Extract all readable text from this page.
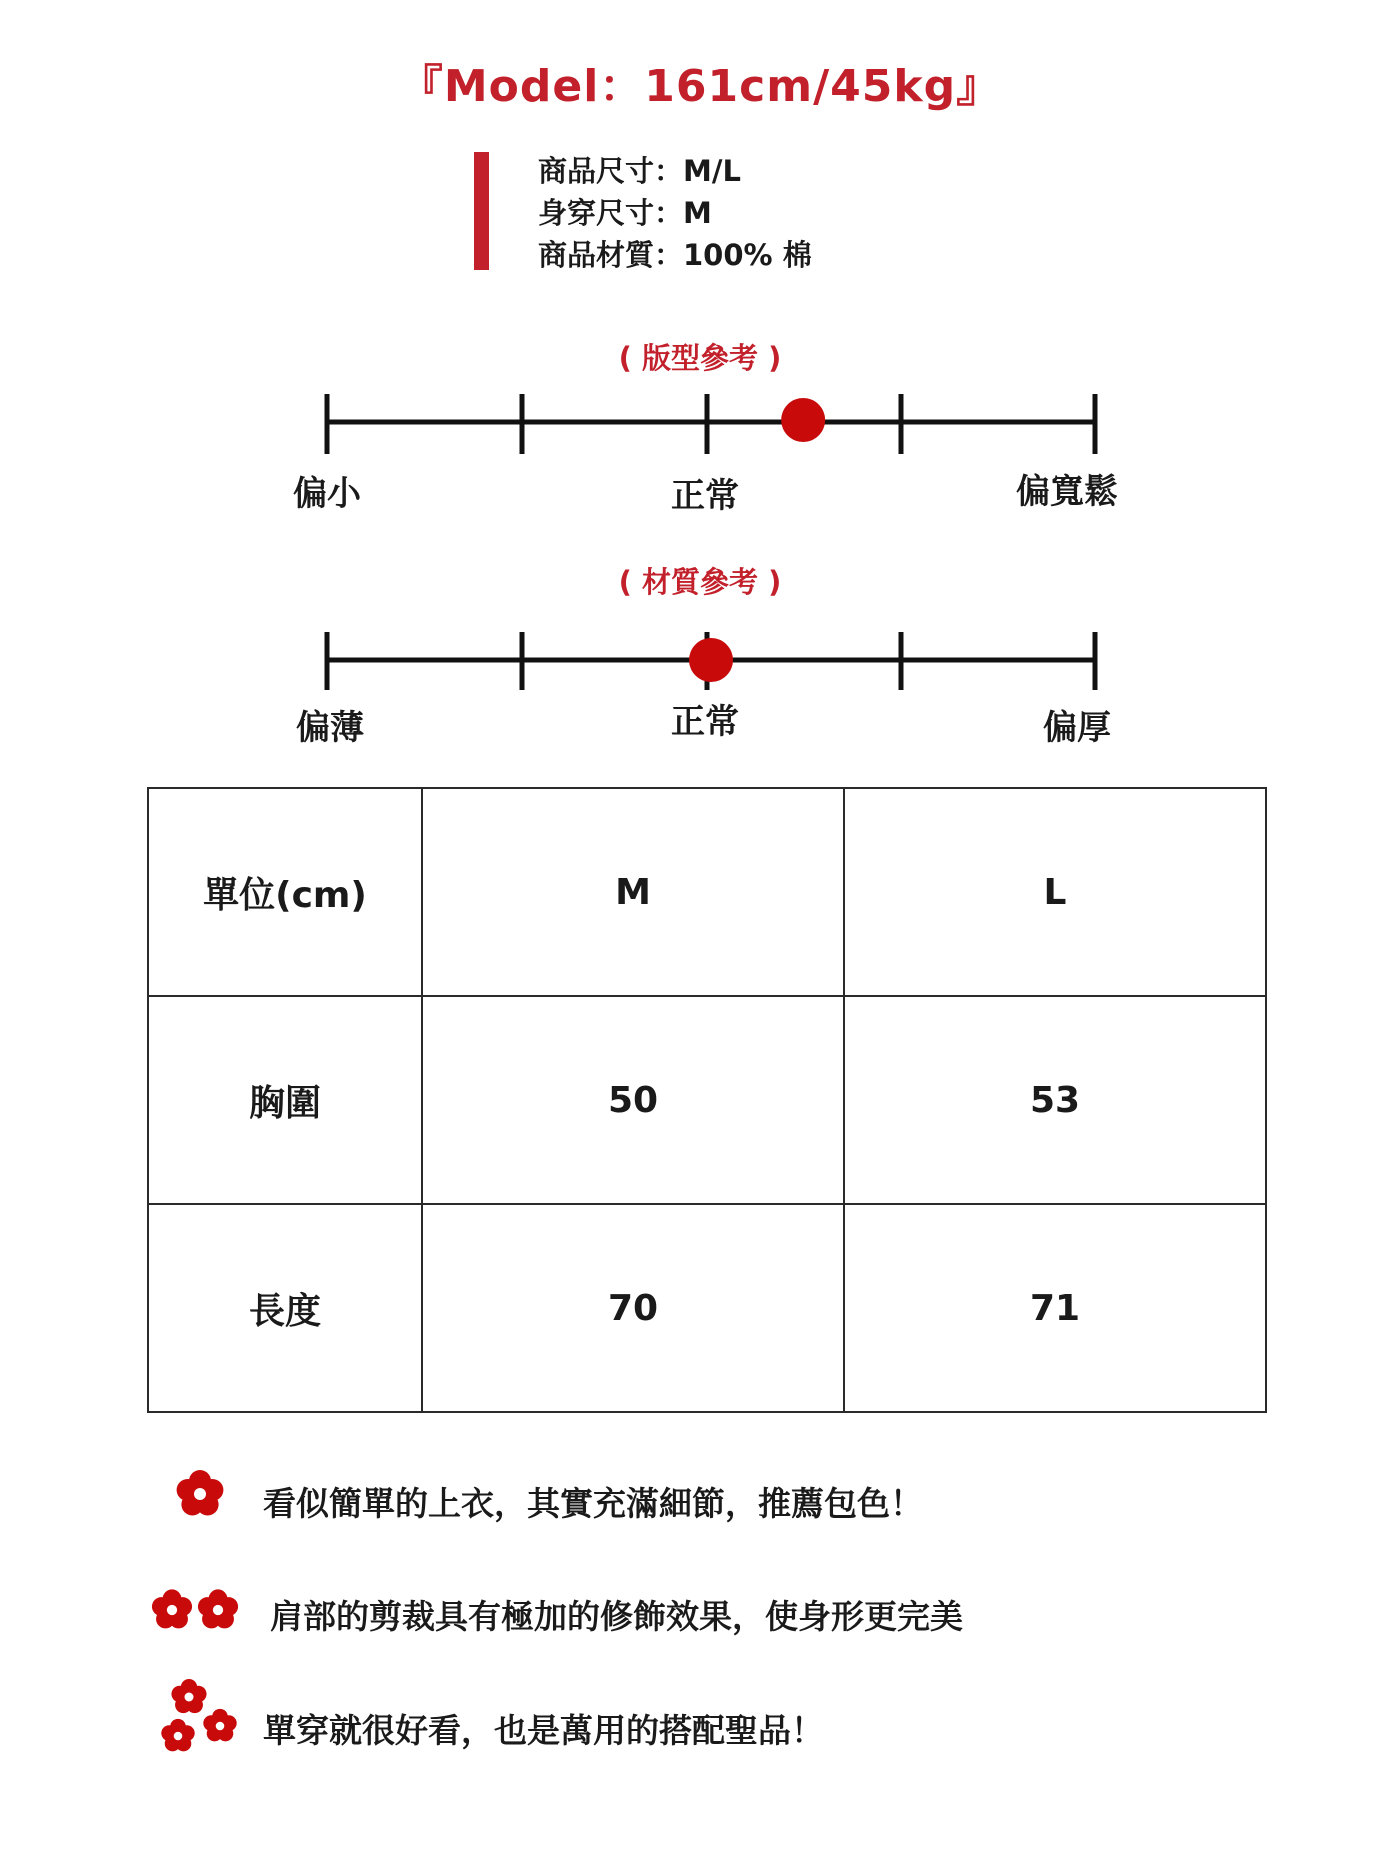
『Model：161cm/45kg』
商品尺寸：M/L
身穿尺寸：M
商品材質：100% 棉
( 版型參考 )
偏小	正常	偏寬鬆
( 材質參考 )
偏薄	正常	偏厚
單位(cm)	M	L
胸圍	50	53
長度	70	71
看似簡單的上衣，其實充滿細節，推薦包色！
肩部的剪裁具有極加的修飾效果，使身形更完美
單穿就很好看，也是萬用的搭配聖品！
